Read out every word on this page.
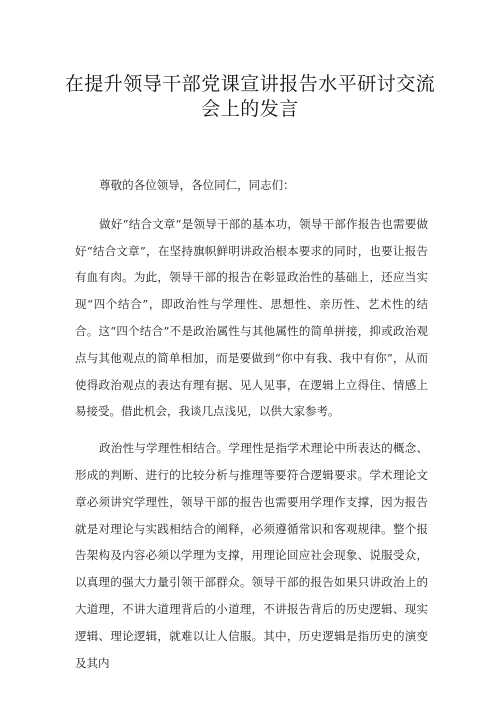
在提升领导干部党课宣讲报告水平研讨交流会上的发言

尊敬的各位领导，各位同仁，同志们：

做好“结合文章”是领导干部的基本功，领导干部作报告也需要做好“结合文章”，在坚持旗帜鲜明讲政治根本要求的同时，也要让报告有血有肉。为此，领导干部的报告在彰显政治性的基础上，还应当实现“四个结合”，即政治性与学理性、思想性、亲历性、艺术性的结合。这“四个结合”不是政治属性与其他属性的简单拼接，抑或政治观点与其他观点的简单相加，而是要做到“你中有我、我中有你”，从而使得政治观点的表达有理有据、见人见事，在逻辑上立得住、情感上易接受。借此机会，我谈几点浅见，以供大家参考。

政治性与学理性相结合。学理性是指学术理论中所表达的概念、形成的判断、进行的比较分析与推理等要符合逻辑要求。学术理论文章必须讲究学理性，领导干部的报告也需要用学理作支撑，因为报告就是对理论与实践相结合的阐释，必须遵循常识和客观规律。整个报告架构及内容必须以学理为支撑，用理论回应社会现象、说服受众，以真理的强大力量引领干部群众。领导干部的报告如果只讲政治上的大道理，不讲大道理背后的小道理，不讲报告背后的历史逻辑、现实逻辑、理论逻辑，就难以让人信服。其中，历史逻辑是指历史的演变及其内
